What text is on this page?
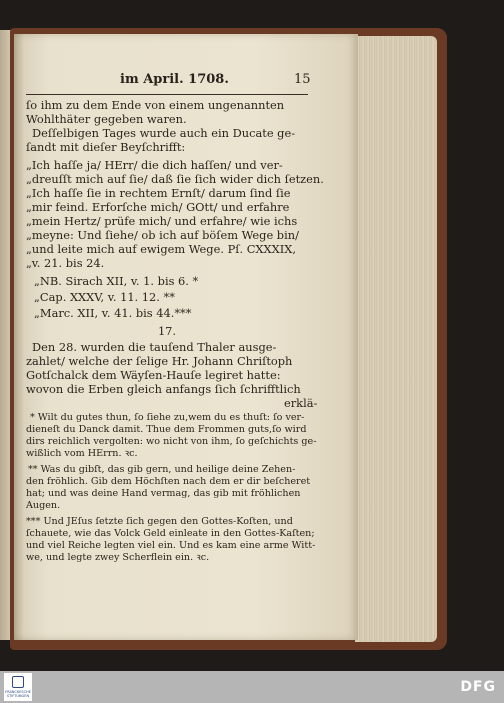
im April. 1708.	15
ſo ihm zu dem Ende von einem ungenannten
Wohlthäter gegeben waren.
Deſſelbigen Tages wurde auch ein Ducate ge-
ſandt mit dieſer Beyſchrifft:
„Ich haſſe ja/ HErr/ die dich haſſen/ und ver-
„dreuſſt mich auf ſie/ daß ſie ſich wider dich ſetzen.
„Ich haſſe ſie in rechtem Ernſt/ darum ſind ſie
„mir feind. Erforſche mich/ GOtt/ und erfahre
„mein Hertz/ prüfe mich/ und erfahre/ wie ichs
„meyne: Und ſiehe/ ob ich auf böſem Wege bin/
„und leite mich auf ewigem Wege. Pſ. CXXXIX,
„v. 21. bis 24.
„NB. Sirach XII, v. 1. bis 6. *
„Cap. XXXV, v. 11. 12. **
„Marc. XII, v. 41. bis 44.***
17.
Den 28. wurden die tauſend Thaler ausge-
zahlet/ welche der ſelige Hr. Johann Chriſtoph
Gotſchalck dem Wäyſen-Hauſe legiret hatte:
wovon die Erben gleich anfangs ſich ſchrifftlich
erklä-
* Wilt du gutes thun, ſo ſiehe zu,wem du es thuſt: ſo ver-
dieneſt du Danck damit. Thue dem Frommen guts,ſo wird
dirs reichlich vergolten: wo nicht von ihm, ſo geſchichts ge-
wißlich vom HErrn. ꝛc.
** Was du gibſt, das gib gern, und heilige deine Zehen-
den fröhlich. Gib dem Höchſten nach dem er dir beſcheret
hat; und was deine Hand vermag, das gib mit fröhlichen
Augen.
*** Und JEſus ſetzte ſich gegen den Gottes-Koſten, und
ſchauete, wie das Volck Geld einleate in den Gottes-Kaſten;
und viel Reiche legten viel ein. Und es kam eine arme Witt-
we, und legte zwey Scherflein ein. ꝛc.
FRANCKESCHE
STIFTUNGEN
DFG
